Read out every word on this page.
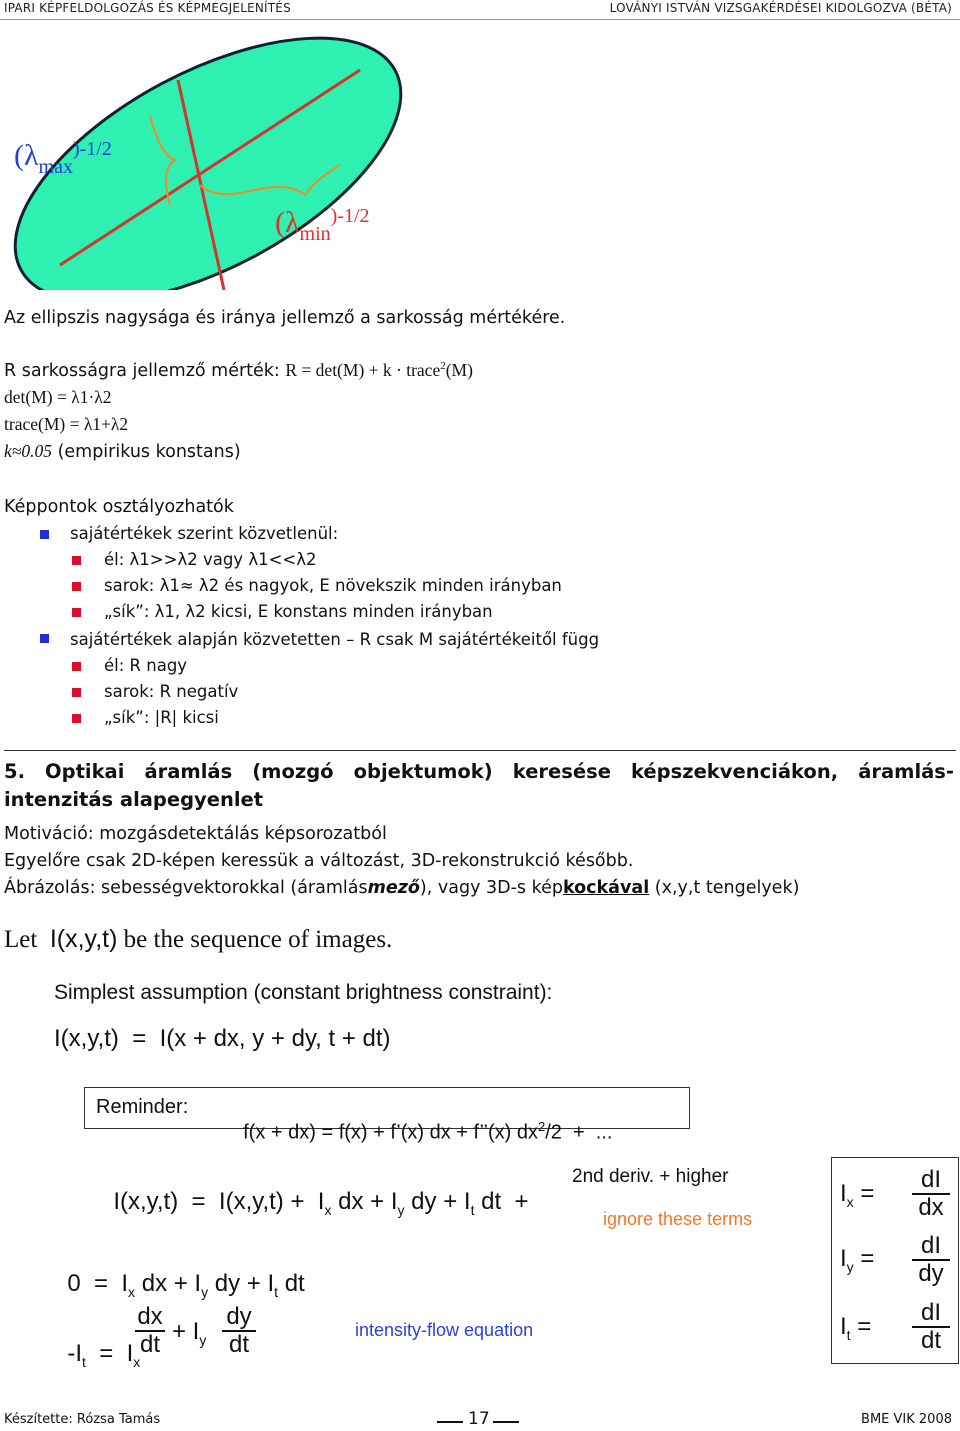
IPARI KÉPFELDOLGOZÁS ÉS KÉPMEGJELENÍTÉS	LOVÁNYI ISTVÁN VIZSGAKÉRDÉSEI KIDOLGOZVA (BÉTA)
($\lambda_{max}^{)-1/2}$
($\lambda_{min}^{)-1/2}$
Az ellipszis nagysága és iránya jellemző a sarkosság mértékére.
R sarkosságra jellemző mérték: R = det(M) + k · trace$^2$(M)
det(M) = λ1·λ2
trace(M) = λ1+λ2
k≈0.05 (empirikus konstans)
Képpontok osztályozhatók
sajátértékek szerint közvetlenül:
él: λ1>>λ2 vagy λ1<<λ2
sarok: λ1≈ λ2 és nagyok, E növekszik minden irányban
„sík”: λ1, λ2 kicsi, E konstans minden irányban
sajátértékek alapján közvetetten – R csak M sajátértékeitől függ
él: R nagy
sarok: R negatív
„sík”: |R| kicsi
5. Optikai áramlás (mozgó objektumok) keresése képszekvenciákon, áramlás-intenzitás alapegyenlet
Motiváció: mozgásdetektálás képsorozatból
Egyelőre csak 2D-képen keressük a változást, 3D-rekonstrukció később.
Ábrázolás: sebességvektorokkal (áramlásmező), vagy 3D-s képkockával (x,y,t tengelyek)
Let I(x,y,t) be the sequence of images.
Simplest assumption (constant brightness constraint):
I(x,y,t)  =  I(x + dx, y + dy, t + dt)
Reminder:

f(x + dx) = f(x) + f’(x) dx + f’’(x) $dx^2/2$  +  ...

$I(x,y,t) = I(x,y,t) + I_x$ dx + $I_y$ dy + $I_t$ dt  +

2nd deriv. + higher
ignore these terms

$0 = I_x$ dx + $I_y$ dy + $I_t$ dt

$-I_t = I_x$

dx
dt + $I_y$
dy
dt
intensity-flow equation
$I_x$ =
dI
dx
$I_y$ =	dI
dy
$I_t$ =
dI
dt
Készítette: Rózsa Tamás	17	BME VIK 2008
